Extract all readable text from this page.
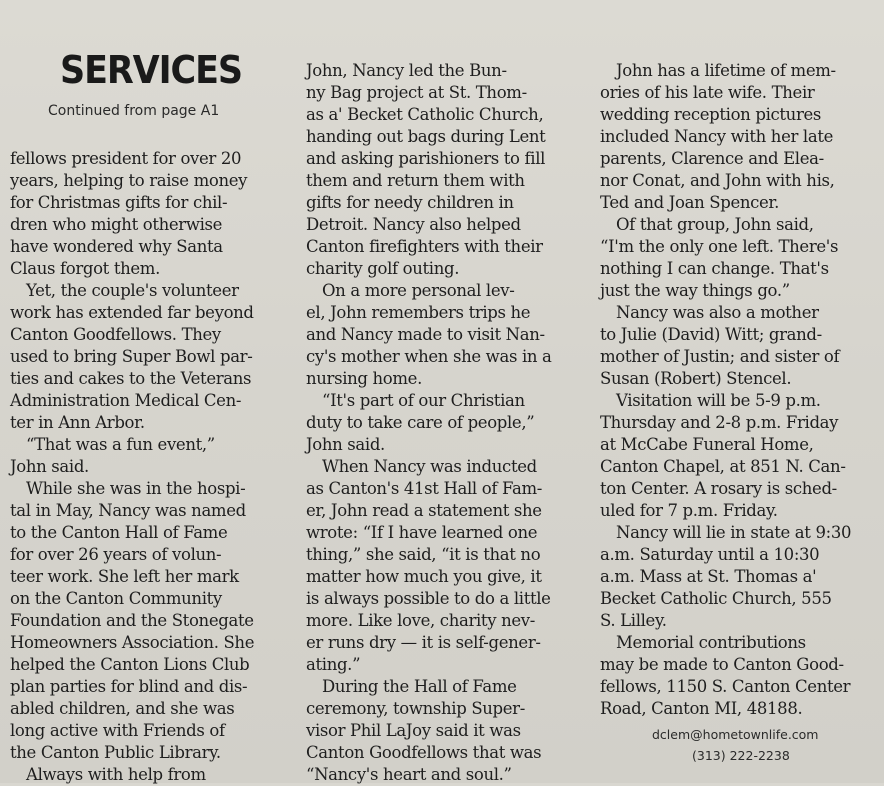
SERVICES
Continued from page A1

fellows president for over 20
years, helping to raise money
for Christmas gifts for chil-
dren who might otherwise
have wondered why Santa
Claus forgot them.

Yet, the couple's volunteer
work has extended far beyond
Canton Goodfellows. They
used to bring Super Bowl par-
ties and cakes to the Veterans
Administration Medical Cen-
ter in Ann Arbor.

“That was a fun event,”
John said.

While she was in the hospi-
tal in May, Nancy was named
to the Canton Hall of Fame
for over 26 years of volun-
teer work. She left her mark
on the Canton Community
Foundation and the Stonegate
Homeowners Association. She
helped the Canton Lions Club
plan parties for blind and dis-
abled children, and she was
long active with Friends of
the Canton Public Library.

Always with help from

John, Nancy led the Bun-
ny Bag project at St. Thom-
as a' Becket Catholic Church,
handing out bags during Lent
and asking parishioners to fill
them and return them with
gifts for needy children in
Detroit. Nancy also helped
Canton firefighters with their
charity golf outing.

On a more personal lev-
el, John remembers trips he
and Nancy made to visit Nan-
cy's mother when she was in a
nursing home.

“It's part of our Christian
duty to take care of people,”
John said.

When Nancy was inducted
as Canton's 41st Hall of Fam-
er, John read a statement she
wrote: “If I have learned one
thing,” she said, “it is that no
matter how much you give, it
is always possible to do a little
more. Like love, charity nev-
er runs dry — it is self-gener-
ating.”

During the Hall of Fame
ceremony, township Super-
visor Phil LaJoy said it was
Canton Goodfellows that was
“Nancy's heart and soul.”

John has a lifetime of mem-
ories of his late wife. Their
wedding reception pictures
included Nancy with her late
parents, Clarence and Elea-
nor Conat, and John with his,
Ted and Joan Spencer.

Of that group, John said,
“I'm the only one left. There's
nothing I can change. That's
just the way things go.”

Nancy was also a mother
to Julie (David) Witt; grand-
mother of Justin; and sister of
Susan (Robert) Stencel.

Visitation will be 5-9 p.m.
Thursday and 2-8 p.m. Friday
at McCabe Funeral Home,
Canton Chapel, at 851 N. Can-
ton Center. A rosary is sched-
uled for 7 p.m. Friday.

Nancy will lie in state at 9:30
a.m. Saturday until a 10:30
a.m. Mass at St. Thomas a'
Becket Catholic Church, 555
S. Lilley.

Memorial contributions
may be made to Canton Good-
fellows, 1150 S. Canton Center
Road, Canton MI, 48188.

dclem@hometownlife.com
(313) 222-2238
